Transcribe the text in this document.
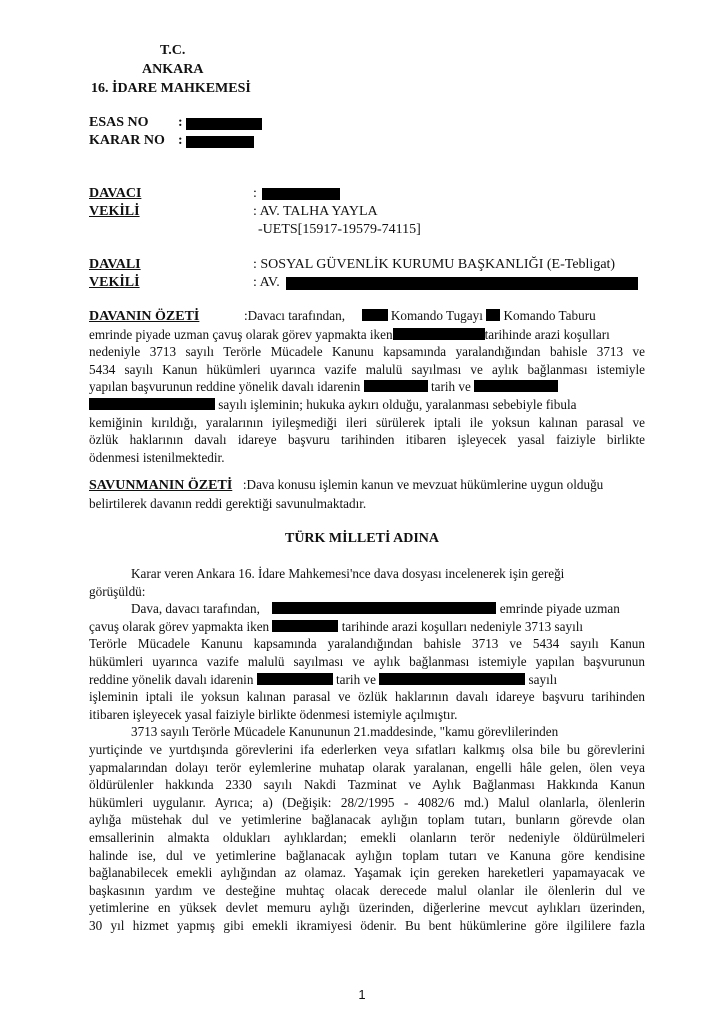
T.C.
ANKARA
16. İDARE MAHKEMESİ
ESAS NO :
KARAR NO :
DAVACI	:
VEKİLİ	: AV. TALHA YAYLA
-UETS[15917-19579-74115]
DAVALI	: SOSYAL GÜVENLİK KURUMU BAŞKANLIĞI (E-Tebligat)
VEKİLİ	: AV.
DAVANIN ÖZETİ	:Davacı tarafından,	Komando Tugayı Komando Taburu
emrinde piyade uzman çavuş olarak görev yapmakta iken	tarihinde arazi koşulları
nedeniyle 3713 sayılı Terörle Mücadele Kanunu kapsamında yaralandığından bahisle 3713 ve
5434 sayılı Kanun hükümleri uyarınca vazife malulü sayılması ve aylık bağlanması istemiyle
yapılan başvurunun reddine yönelik davalı idarenin	tarih ve
sayılı işleminin; hukuka aykırı olduğu, yaralanması sebebiyle fibula
kemiğinin kırıldığı, yaralarının iyileşmediği ileri sürülerek iptali ile yoksun kalınan parasal ve
özlük haklarının davalı idareye başvuru tarihinden itibaren işleyecek yasal faiziyle birlikte
ödenmesi istenilmektedir.
SAVUNMANIN ÖZETİ :Dava konusu işlemin kanun ve mevzuat hükümlerine uygun olduğu
belirtilerek davanın reddi gerektiği savunulmaktadır.
TÜRK MİLLETİ ADINA
Karar veren Ankara 16. İdare Mahkemesi'nce dava dosyası incelenerek işin gereği
görüşüldü:
Dava, davacı tarafından,	emrinde piyade uzman
çavuş olarak görev yapmakta iken	tarihinde arazi koşulları nedeniyle 3713 sayılı
Terörle Mücadele Kanunu kapsamında yaralandığından bahisle 3713 ve 5434 sayılı Kanun
hükümleri uyarınca vazife malulü sayılması ve aylık bağlanması istemiyle yapılan başvurunun
reddine yönelik davalı idarenin	tarih ve	sayılı
işleminin iptali ile yoksun kalınan parasal ve özlük haklarının davalı idareye başvuru tarihinden
itibaren işleyecek yasal faiziyle birlikte ödenmesi istemiyle açılmıştır.
3713 sayılı Terörle Mücadele Kanununun 21.maddesinde, "kamu görevlilerinden
yurtiçinde ve yurtdışında görevlerini ifa ederlerken veya sıfatları kalkmış olsa bile bu görevlerini
yapmalarından dolayı terör eylemlerine muhatap olarak yaralanan, engelli hâle gelen, ölen veya
öldürülenler hakkında 2330 sayılı Nakdi Tazminat ve Aylık Bağlanması Hakkında Kanun
hükümleri uygulanır. Ayrıca; a) (Değişik: 28/2/1995 - 4082/6 md.) Malul olanlarla, ölenlerin
aylığa müstehak dul ve yetimlerine bağlanacak aylığın toplam tutarı, bunların görevde olan
emsallerinin almakta oldukları aylıklardan; emekli olanların terör nedeniyle öldürülmeleri
halinde ise, dul ve yetimlerine bağlanacak aylığın toplam tutarı ve Kanuna göre kendisine
bağlanabilecek emekli aylığından az olamaz. Yaşamak için gereken hareketleri yapamayacak ve
başkasının yardım ve desteğine muhtaç olacak derecede malul olanlar ile ölenlerin dul ve
yetimlerine en yüksek devlet memuru aylığı üzerinden, diğerlerine mevcut aylıkları üzerinden,
30 yıl hizmet yapmış gibi emekli ikramiyesi ödenir. Bu bent hükümlerine göre ilgililere fazla
1
